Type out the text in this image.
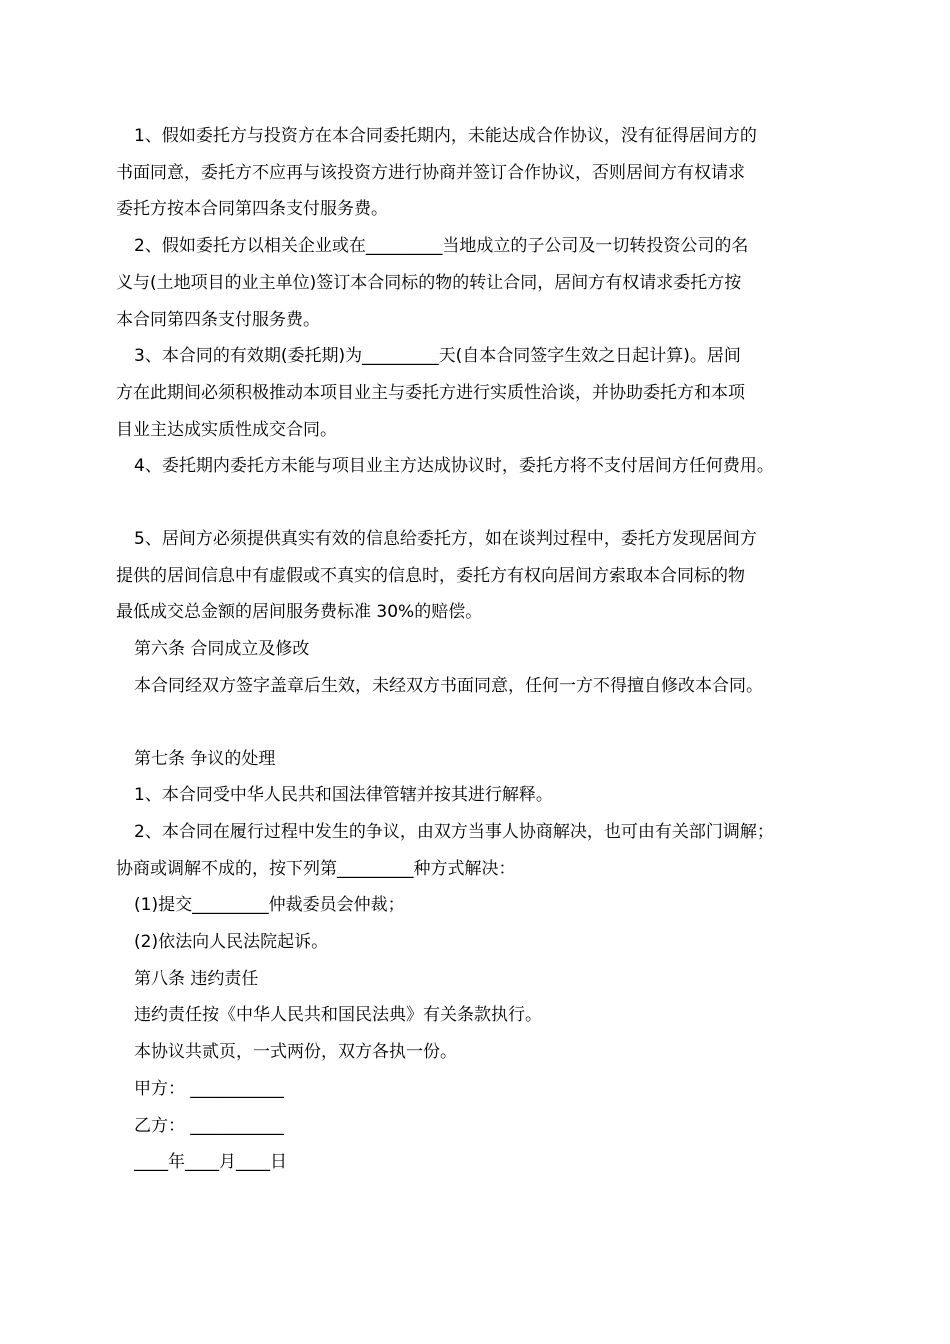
1、假如委托方与投资方在本合同委托期内，未能达成合作协议，没有征得居间方的

书面同意，委托方不应再与该投资方进行协商并签订合作协议，否则居间方有权请求

委托方按本合同第四条支付服务费。

2、假如委托方以相关企业或在_________当地成立的子公司及一切转投资公司的名

义与(土地项目的业主单位)签订本合同标的物的转让合同，居间方有权请求委托方按

本合同第四条支付服务费。

3、本合同的有效期(委托期)为_________天(自本合同签字生效之日起计算)。居间

方在此期间必须积极推动本项目业主与委托方进行实质性洽谈，并协助委托方和本项

目业主达成实质性成交合同。

4、委托期内委托方未能与项目业主方达成协议时，委托方将不支付居间方任何费用。

5、居间方必须提供真实有效的信息给委托方，如在谈判过程中，委托方发现居间方

提供的居间信息中有虚假或不真实的信息时，委托方有权向居间方索取本合同标的物

最低成交总金额的居间服务费标准 30%的赔偿。

第六条 合同成立及修改

本合同经双方签字盖章后生效，未经双方书面同意，任何一方不得擅自修改本合同。

第七条 争议的处理

1、本合同受中华人民共和国法律管辖并按其进行解释。

2、本合同在履行过程中发生的争议，由双方当事人协商解决，也可由有关部门调解；

协商或调解不成的，按下列第_________种方式解决：

(1)提交_________仲裁委员会仲裁；

(2)依法向人民法院起诉。

第八条 违约责任

违约责任按《中华人民共和国民法典》有关条款执行。

本协议共贰页，一式两份，双方各执一份。

甲方： ___________

乙方： ___________

____年____月____日
